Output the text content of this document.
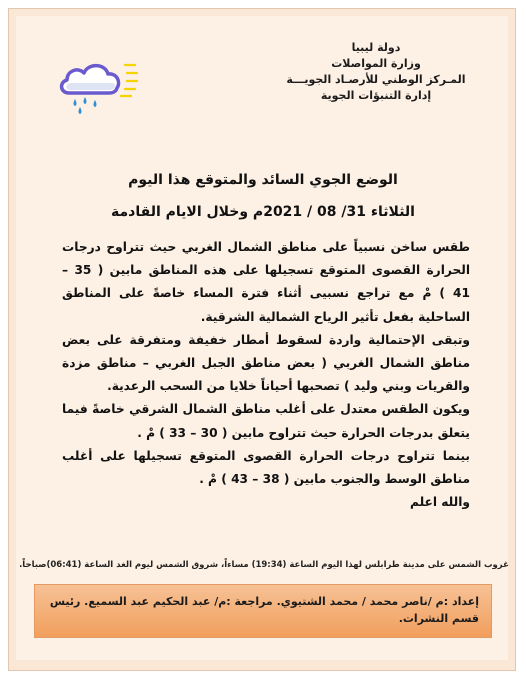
دولة ليبيا
وزارة المواصلات
المـركز الوطني للأرصـاد الجويـــة
إدارة التنبؤات الجوية
الوضع الجوي السائد والمتوقع هذا اليوم
الثلاثاء 31/ 08 / 2021م وخلال الايام القادمة

طقس ساخن نسبياً على مناطق الشمال الغربي حيث تتراوح درجات الحرارة القصوى المتوقع تسجيلها على هذه المناطق مابين ( 35 – 41 ) مْ مع تراجع نسبيى أثناء فترة المساء خاصةً على المناطق الساحلية بفعل تأثير الرياح الشمالية الشرقية.

وتبقى الإحتمالية واردة لسقوط أمطار خفيفة ومتفرقة على بعض مناطق الشمال الغربي ( بعض مناطق الجبل الغربي – مناطق مزدة والقريات وبني وليد ) تصحبها أحياناً خلايا من السحب الرعدية.

ويكون الطقس معتدل على أغلب مناطق الشمال الشرقي خاصةً فيما يتعلق بدرجات الحرارة حيث تتراوح مابين ( 30 – 33 ) مْ .

بينما تتراوح درجات الحرارة القصوى المتوقع تسجيلها على أغلب مناطق الوسط والجنوب مابين ( 38 – 43 ) مْ .

والله اعلم

غروب الشمس على مدينة طرابلس لهذا اليوم الساعة (19:34) مساءاً، شروق الشمس ليوم الغد الساعة (06:41)صباحاً.
إعداد :م /ناصر محمد / محمد الشتيوي. مراجعة :م/ عبد الحكيم عبد السميع. رئيس قسم النشرات.
